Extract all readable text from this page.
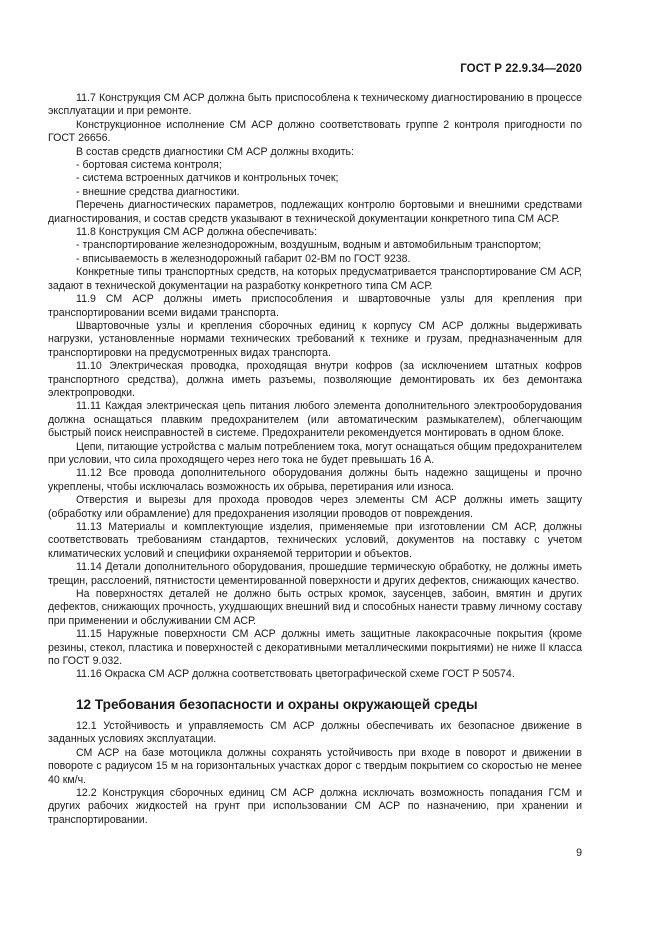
ГОСТ Р 22.9.34—2020

11.7 Конструкция СМ АСР должна быть приспособлена к техническому диагностированию в процессе эксплуатации и при ремонте.

Конструкционное исполнение СМ АСР должно соответствовать группе 2 контроля пригодности по ГОСТ 26656.

В состав средств диагностики СМ АСР должны входить:

- бортовая система контроля;

- система встроенных датчиков и контрольных точек;

- внешние средства диагностики.

Перечень диагностических параметров, подлежащих контролю бортовыми и внешними средствами диагностирования, и состав средств указывают в технической документации конкретного типа СМ АСР.

11.8 Конструкция СМ АСР должна обеспечивать:

- транспортирование железнодорожным, воздушным, водным и автомобильным транспортом;

- вписываемость в железнодорожный габарит 02-ВМ по ГОСТ 9238.

Конкретные типы транспортных средств, на которых предусматривается транспортирование СМ АСР, задают в технической документации на разработку конкретного типа СМ АСР.

11.9 СМ АСР должны иметь приспособления и швартовочные узлы для крепления при транспортировании всеми видами транспорта.

Швартовочные узлы и крепления сборочных единиц к корпусу СМ АСР должны выдерживать нагрузки, установленные нормами технических требований к технике и грузам, предназначенным для транспортировки на предусмотренных видах транспорта.

11.10 Электрическая проводка, проходящая внутри кофров (за исключением штатных кофров транспортного средства), должна иметь разъемы, позволяющие демонтировать их без демонтажа электропроводки.

11.11 Каждая электрическая цепь питания любого элемента дополнительного электрооборудования должна оснащаться плавким предохранителем (или автоматическим размыкателем), облегчающим быстрый поиск неисправностей в системе. Предохранители рекомендуется монтировать в одном блоке.

Цепи, питающие устройства с малым потреблением тока, могут оснащаться общим предохранителем при условии, что сила проходящего через него тока не будет превышать 16 А.

11.12 Все провода дополнительного оборудования должны быть надежно защищены и прочно укреплены, чтобы исключалась возможность их обрыва, перетирания или износа.

Отверстия и вырезы для прохода проводов через элементы СМ АСР должны иметь защиту (обработку или обрамление) для предохранения изоляции проводов от повреждения.

11.13 Материалы и комплектующие изделия, применяемые при изготовлении СМ АСР, должны соответствовать требованиям стандартов, технических условий, документов на поставку с учетом климатических условий и специфики охраняемой территории и объектов.

11.14 Детали дополнительного оборудования, прошедшие термическую обработку, не должны иметь трещин, расслоений, пятнистости цементированной поверхности и других дефектов, снижающих качество.

На поверхностях деталей не должно быть острых кромок, заусенцев, забоин, вмятин и других дефектов, снижающих прочность, ухудшающих внешний вид и способных нанести травму личному составу при применении и обслуживании СМ АСР.

11.15 Наружные поверхности СМ АСР должны иметь защитные лакокрасочные покрытия (кроме резины, стекол, пластика и поверхностей с декоративными металлическими покрытиями) не ниже II класса по ГОСТ 9.032.

11.16 Окраска СМ АСР должна соответствовать цветографической схеме ГОСТ Р 50574.

12 Требования безопасности и охраны окружающей среды

12.1 Устойчивость и управляемость СМ АСР должны обеспечивать их безопасное движение в заданных условиях эксплуатации.

СМ АСР на базе мотоцикла должны сохранять устойчивость при входе в поворот и движении в повороте с радиусом 15 м на горизонтальных участках дорог с твердым покрытием со скоростью не менее 40 км/ч.

12.2 Конструкция сборочных единиц СМ АСР должна исключать возможность попадания ГСМ и других рабочих жидкостей на грунт при использовании СМ АСР по назначению, при хранении и транспортировании.

9
